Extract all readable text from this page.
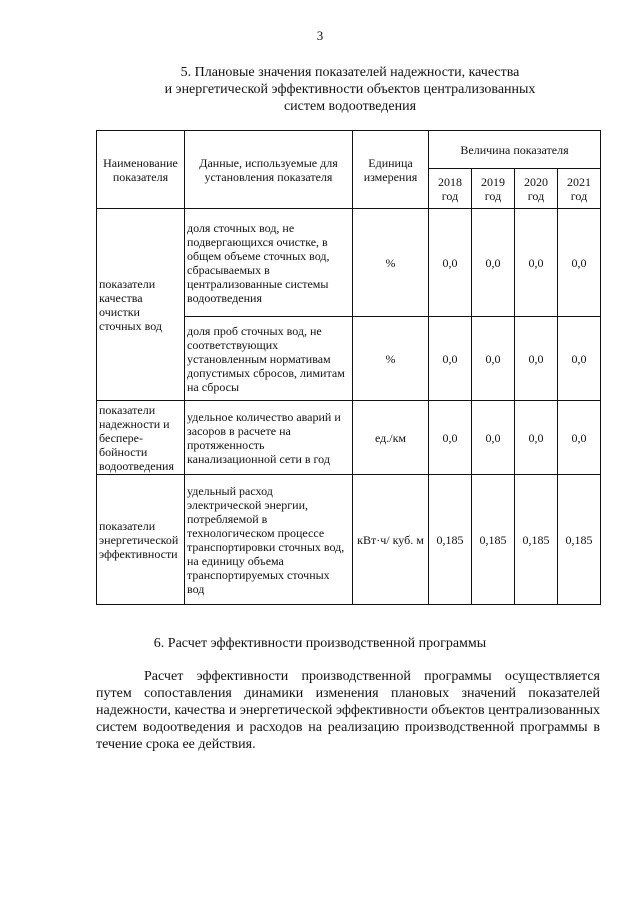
3
5. Плановые значения показателей надежности, качества
и энергетической эффективности объектов централизованных
систем водоотведения
Наименование показателя	Данные, используемые для установления показателя	Единица измерения	Величина показателя			
			2018 год	2019 год	2020 год	2021 год
показатели качества очистки сточных вод	доля сточных вод, не подвергающихся очистке, в общем объеме сточных вод, сбрасываемых в централизованные системы водоотведения	%	0,0	0,0	0,0	0,0
	доля проб сточных вод, не соответствующих установленным нормативам допустимых сбросов, лимитам на сбросы	%	0,0	0,0	0,0	0,0
показатели надежности и беспере-бойности водоотведения	удельное количество аварий и засоров в расчете на протяженность канализационной сети в год	ед./км	0,0	0,0	0,0	0,0
показатели энергетической эффективности	удельный расход электрической энергии, потребляемой в технологическом процессе транспортировки сточных вод, на единицу объема транспортируемых сточных вод	кВт·ч/ куб. м	0,185	0,185	0,185	0,185
6. Расчет эффективности производственной программы
Расчет эффективности производственной программы осуществляется путем сопоставления динамики изменения плановых значений показателей надежности, качества и энергетической эффективности объектов централизованных систем водоотведения и расходов на реализацию производственной программы в течение срока ее действия.
